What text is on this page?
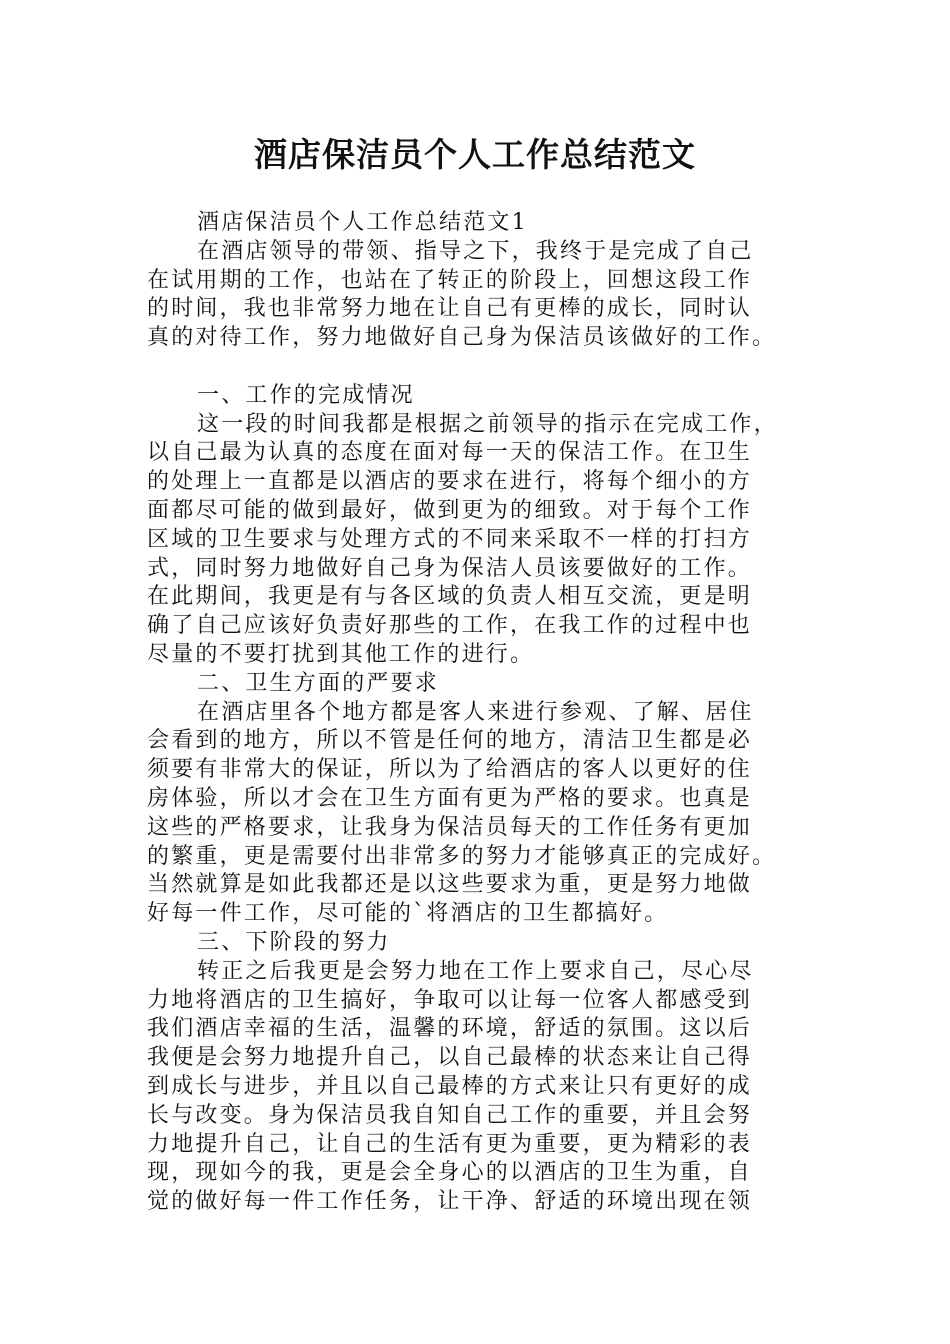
酒店保洁员个人工作总结范文
酒店保洁员个人工作总结范文1
在酒店领导的带领、指导之下，我终于是完成了自己
在试用期的工作，也站在了转正的阶段上，回想这段工作
的时间，我也非常努力地在让自己有更棒的成长，同时认
真的对待工作，努力地做好自己身为保洁员该做好的工作。
一、工作的完成情况
这一段的时间我都是根据之前领导的指示在完成工作，
以自己最为认真的态度在面对每一天的保洁工作。在卫生
的处理上一直都是以酒店的要求在进行，将每个细小的方
面都尽可能的做到最好，做到更为的细致。对于每个工作
区域的卫生要求与处理方式的不同来采取不一样的打扫方
式，同时努力地做好自己身为保洁人员该要做好的工作。
在此期间，我更是有与各区域的负责人相互交流，更是明
确了自己应该好负责好那些的工作，在我工作的过程中也
尽量的不要打扰到其他工作的进行。
二、卫生方面的严要求
在酒店里各个地方都是客人来进行参观、了解、居住
会看到的地方，所以不管是任何的地方，清洁卫生都是必
须要有非常大的保证，所以为了给酒店的客人以更好的住
房体验，所以才会在卫生方面有更为严格的要求。也真是
这些的严格要求，让我身为保洁员每天的工作任务有更加
的繁重，更是需要付出非常多的努力才能够真正的完成好。
当然就算是如此我都还是以这些要求为重，更是努力地做
好每一件工作，尽可能的`将酒店的卫生都搞好。
三、下阶段的努力
转正之后我更是会努力地在工作上要求自己，尽心尽
力地将酒店的卫生搞好，争取可以让每一位客人都感受到
我们酒店幸福的生活，温馨的环境，舒适的氛围。这以后
我便是会努力地提升自己，以自己最棒的状态来让自己得
到成长与进步，并且以自己最棒的方式来让只有更好的成
长与改变。身为保洁员我自知自己工作的重要，并且会努
力地提升自己，让自己的生活有更为重要，更为精彩的表
现，现如今的我，更是会全身心的以酒店的卫生为重，自
觉的做好每一件工作任务，让干净、舒适的环境出现在领
